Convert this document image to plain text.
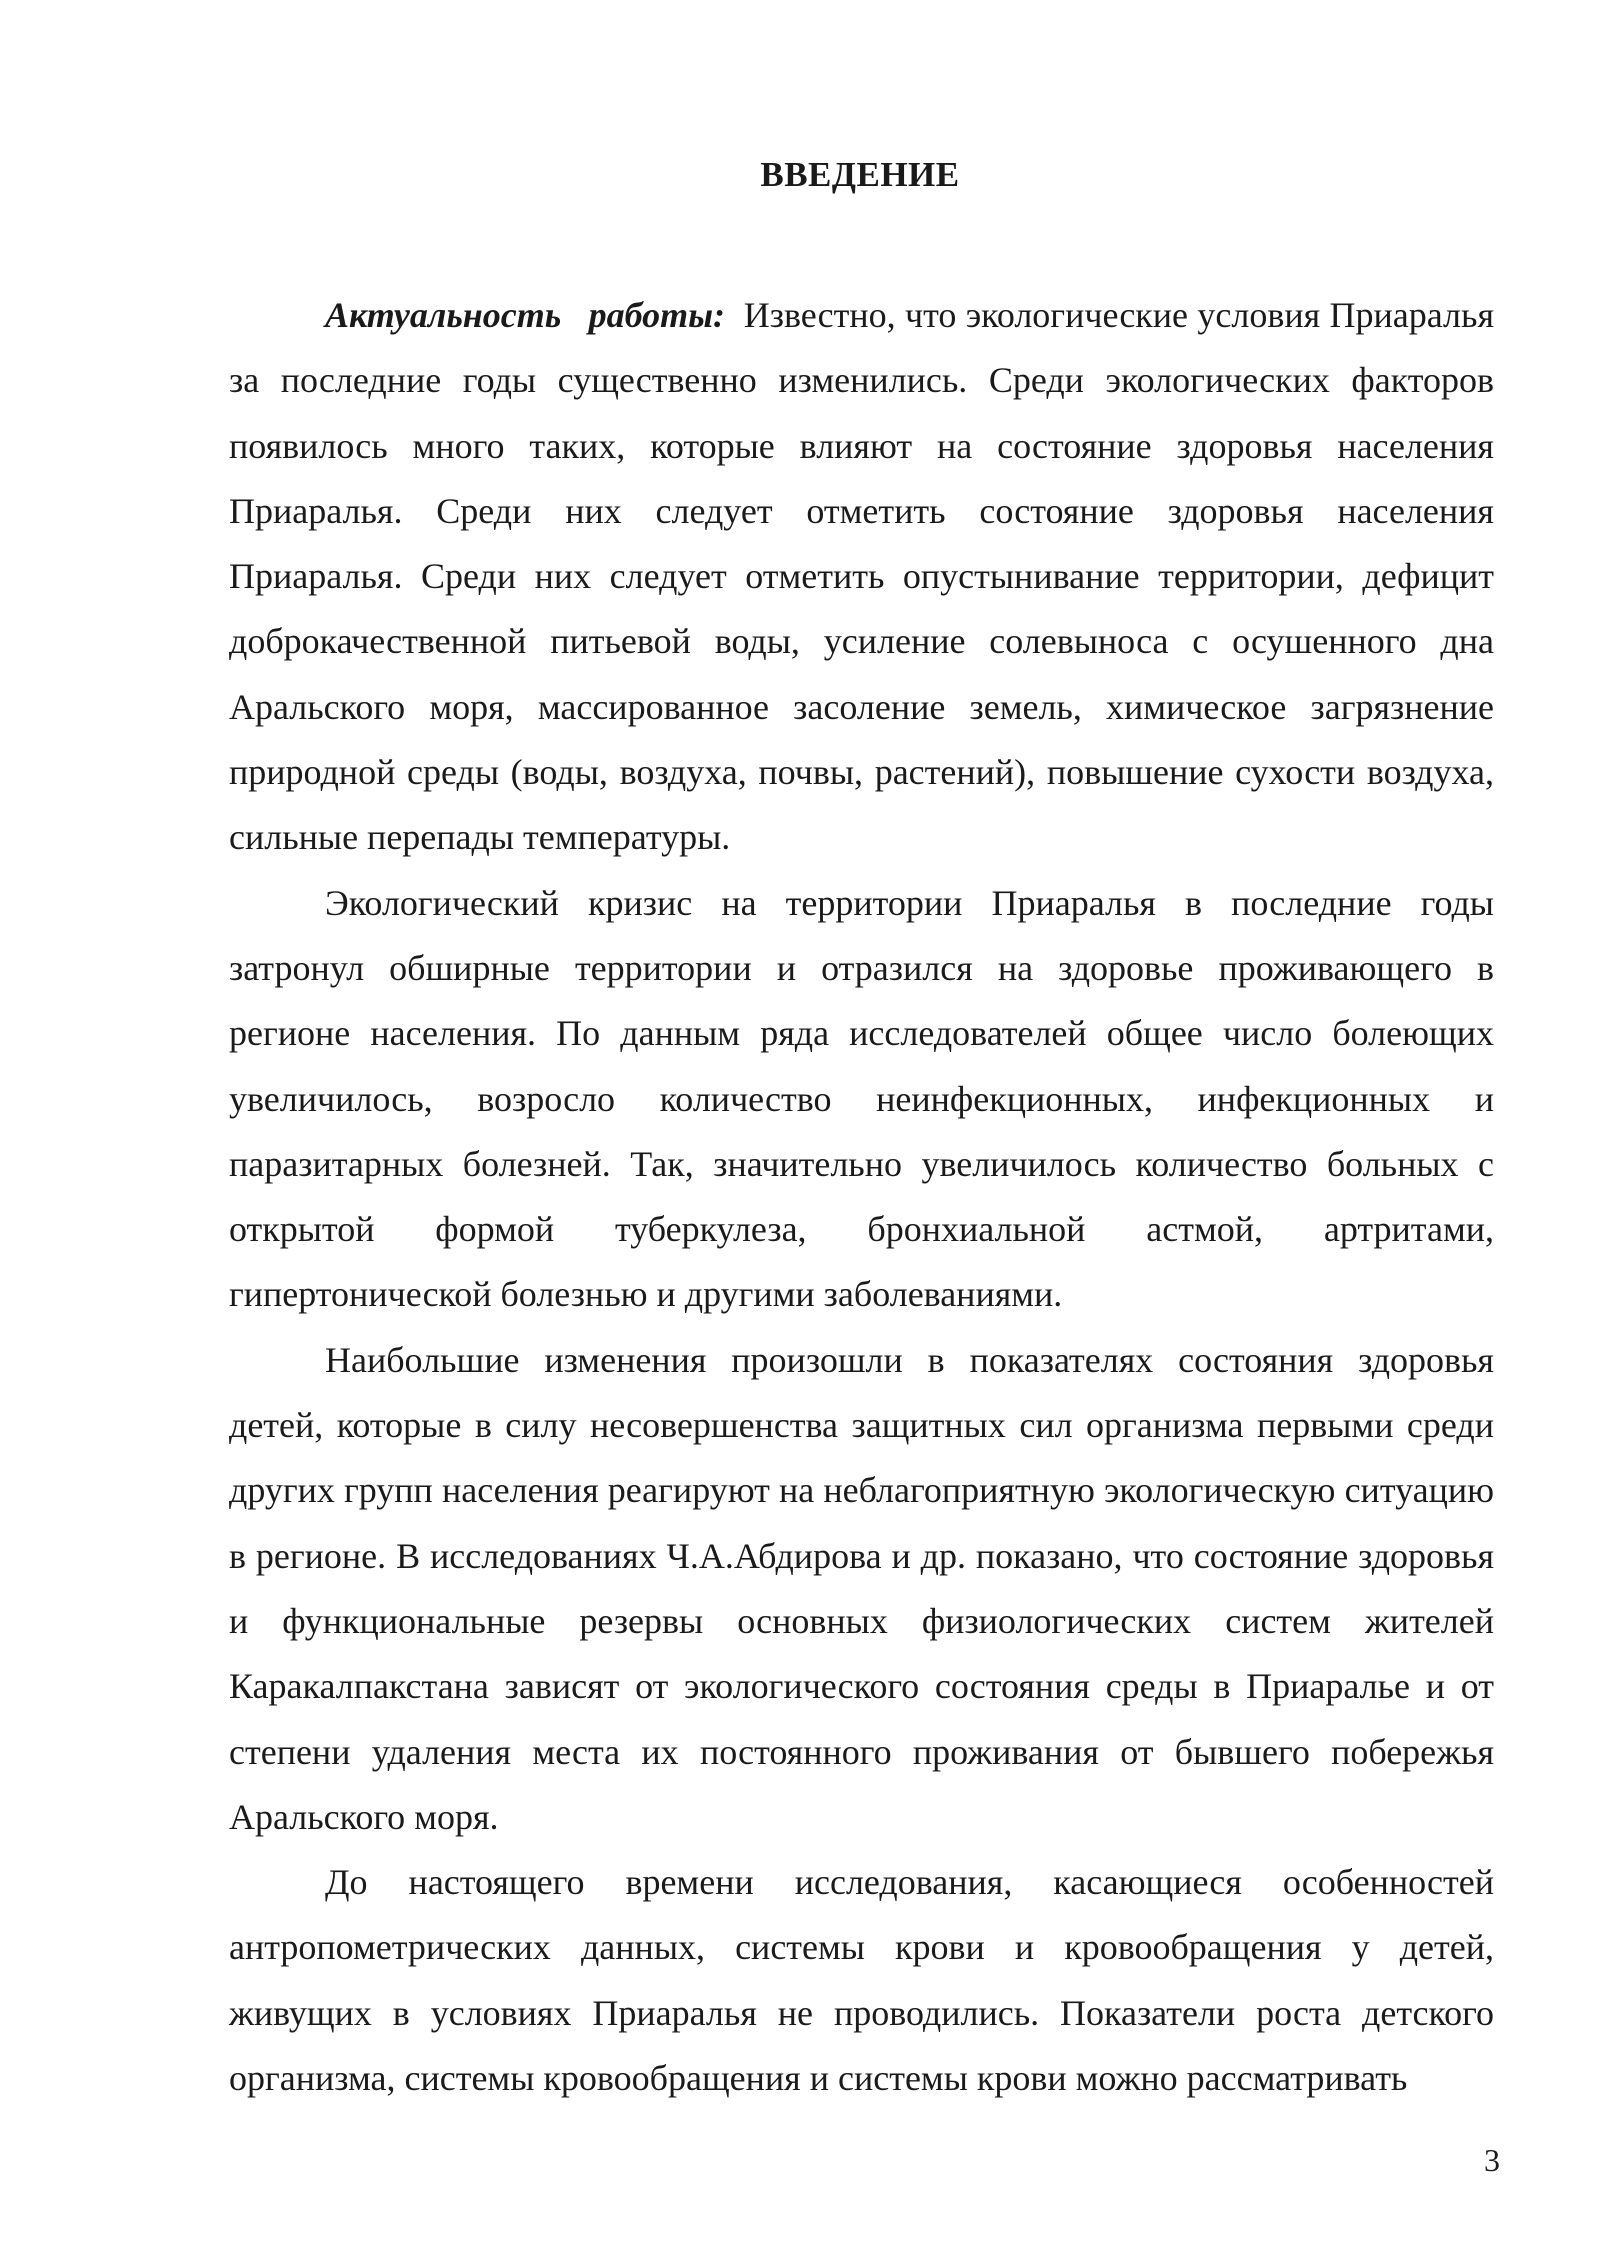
ВВЕДЕНИЕ

Актуальность работы: Известно, что экологические условия Приаралья за последние годы существенно изменились. Среди экологических факторов появилось много таких, которые влияют на состояние здоровья населения Приаралья. Среди них следует отметить состояние здоровья населения Приаралья. Среди них следует отметить опустынивание территории, дефицит доброкачественной питьевой воды, усиление солевыноса с осушенного дна Аральского моря, массированное засоление земель, химическое загрязнение природной среды (воды, воздуха, почвы, растений), повышение сухости воздуха, сильные перепады температуры.

Экологический кризис на территории Приаралья в последние годы затронул обширные территории и отразился на здоровье проживающего в регионе населения. По данным ряда исследователей общее число болеющих увеличилось, возросло количество неинфекционных, инфекционных и паразитарных болезней. Так, значительно увеличилось количество больных с открытой формой туберкулеза, бронхиальной астмой, артритами, гипертонической болезнью и другими заболеваниями.

Наибольшие изменения произошли в показателях состояния здоровья детей, которые в силу несовершенства защитных сил организма первыми среди других групп населения реагируют на неблагоприятную экологическую ситуацию в регионе. В исследованиях Ч.А.Абдирова и др. показано, что состояние здоровья и функциональные резервы основных физиологических систем жителей Каракалпакстана зависят от экологического состояния среды в Приаралье и от степени удаления места их постоянного проживания от бывшего побережья Аральского моря.

До настоящего времени исследования, касающиеся особенностей антропометрических данных, системы крови и кровообращения у детей, живущих в условиях Приаралья не проводились. Показатели роста детского организма, системы кровообращения и системы крови можно рассматривать

3
